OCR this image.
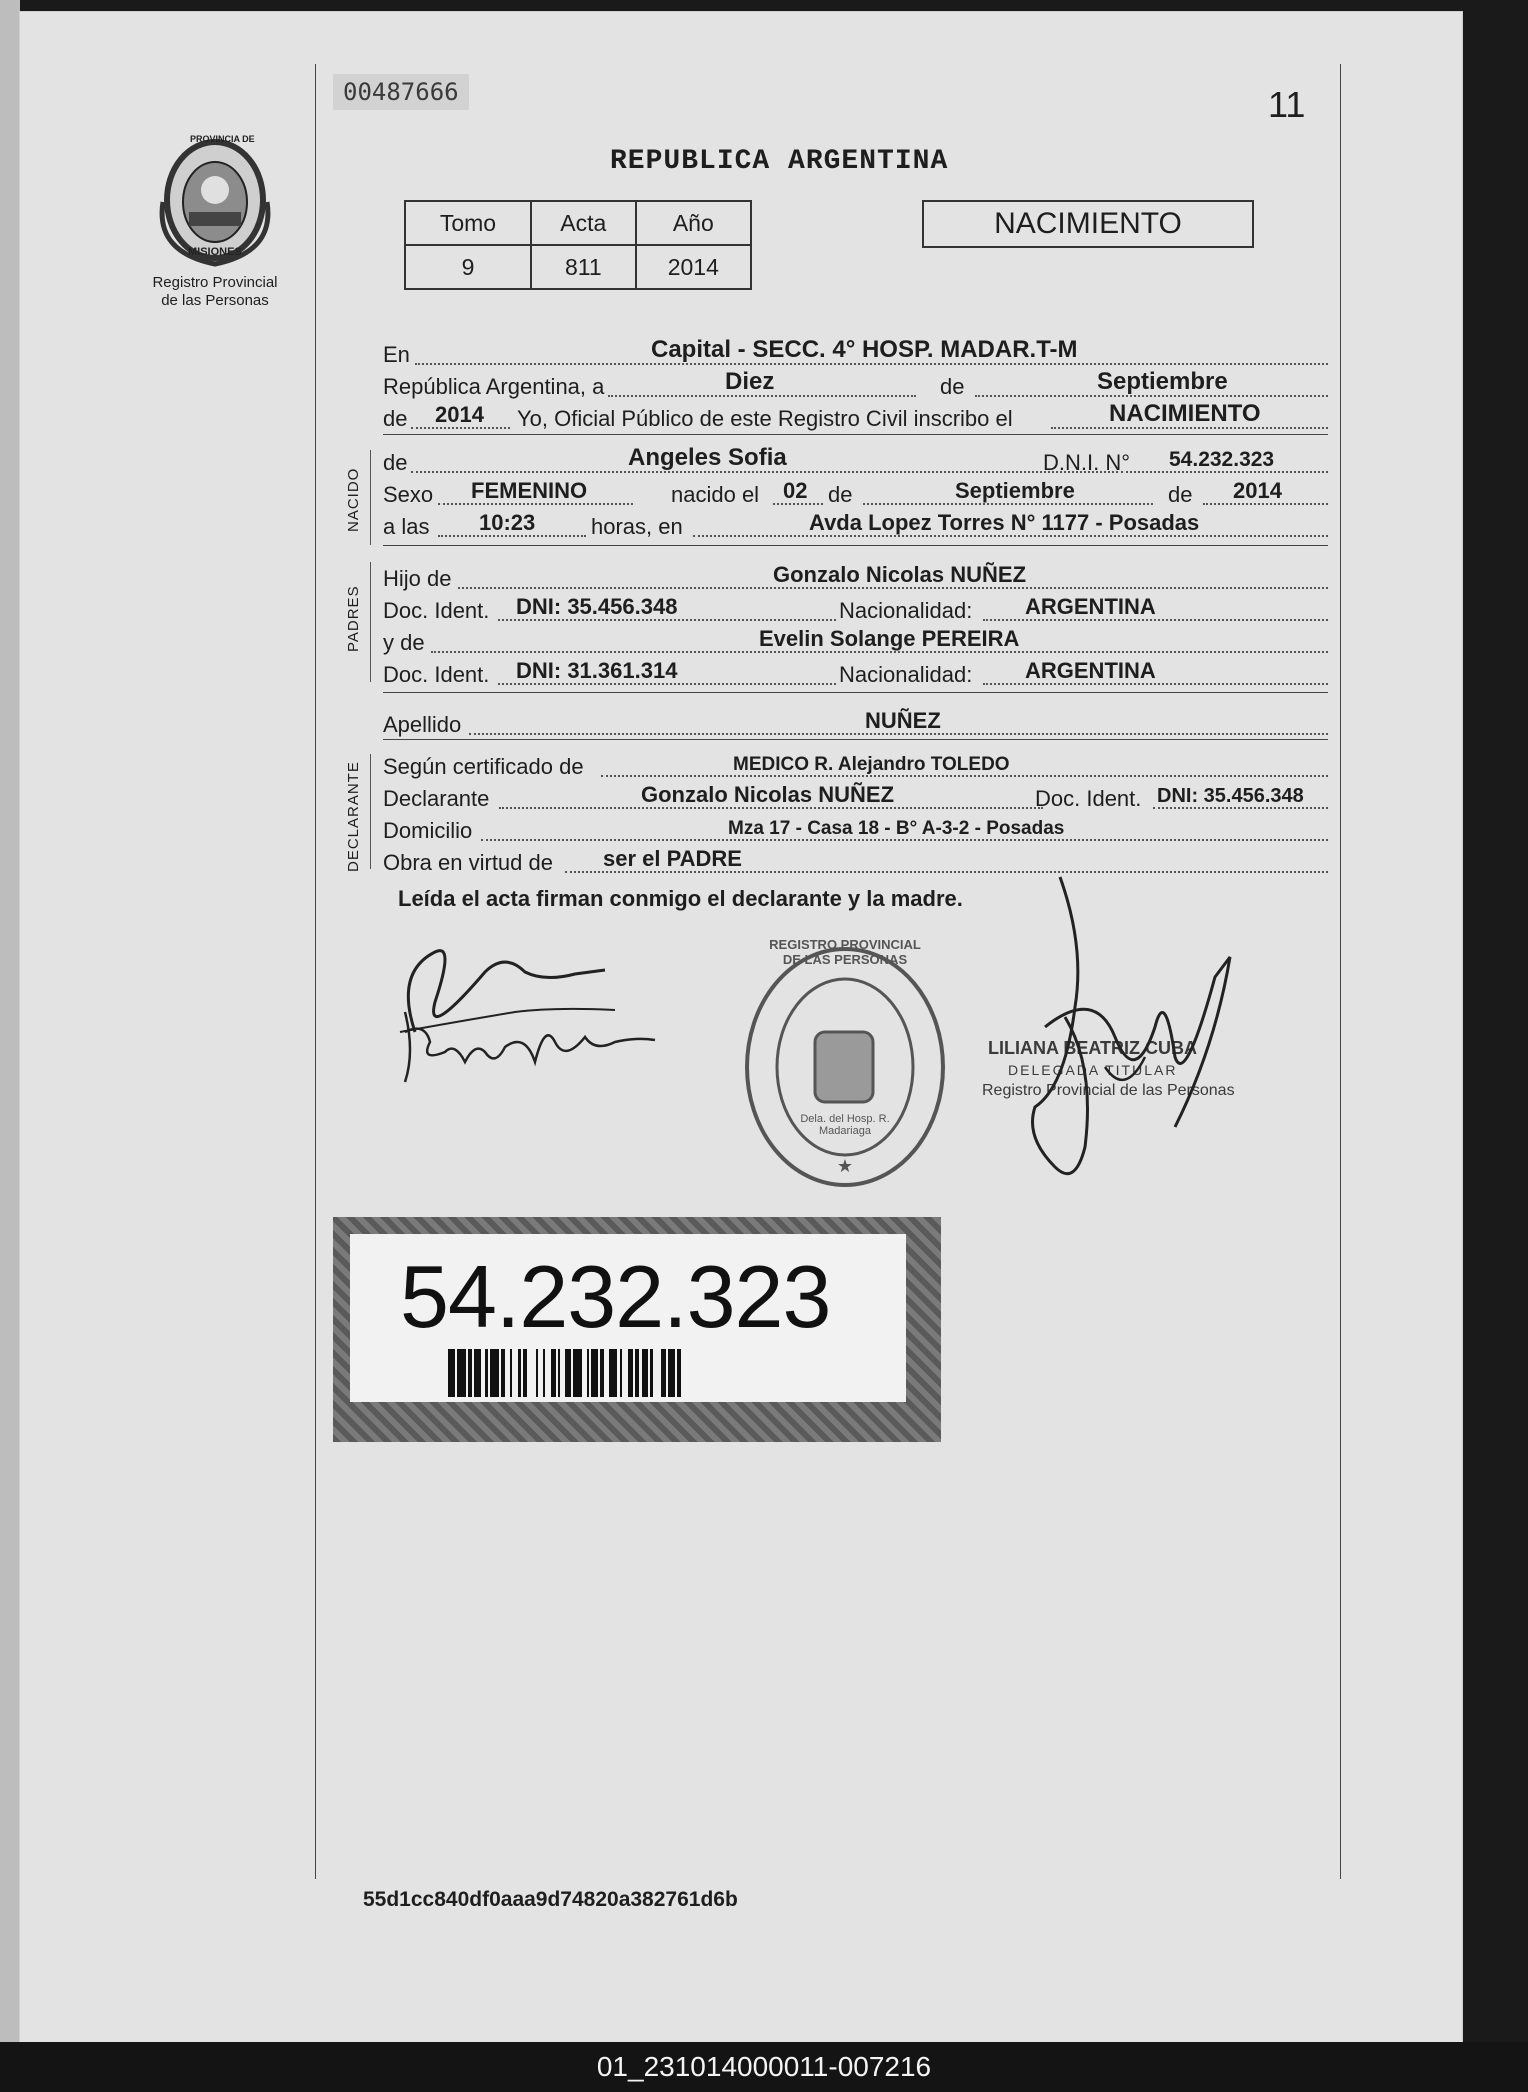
00487666	11
PROVINCIA DE
MISIONES
Registro Provincial
de las Personas
REPUBLICA ARGENTINA
Tomo	Acta	Año
9	811	2014
NACIMIENTO
En	Capital - SECC. 4° HOSP. MADAR.T-M
República Argentina, a	Diez	de	Septiembre
de 2014 Yo, Oficial Público de este Registro Civil inscribo el	NACIMIENTO
NACIDO
de	Angeles Sofia	D.N.I. N° 54.232.323
Sexo FEMENINO	nacido el 02 de	Septiembre	de 2014
a las 10:23	horas, en	Avda Lopez Torres N° 1177 - Posadas
PADRES
Hijo de	Gonzalo Nicolas NUÑEZ
Doc. Ident. DNI: 35.456.348	Nacionalidad: ARGENTINA
y de	Evelin Solange PEREIRA
Doc. Ident. DNI: 31.361.314	Nacionalidad: ARGENTINA
Apellido	NUÑEZ
DECLARANTE Según certificado de	MEDICO R. Alejandro TOLEDO
Declarante	Gonzalo Nicolas NUÑEZ	Doc. Ident. DNI: 35.456.348
Domicilio	Mza 17 - Casa 18 - B° A-3-2 - Posadas
Obra en virtud de ser el PADRE
Leída el acta firman conmigo el declarante y la madre.
★
REGISTRO PROVINCIAL DE LAS PERSONAS
Dela. del Hosp. R. Madariaga
LILIANA BEATRIZ CUBA
DELEGADA TITULAR
Registro Provincial de las Personas
54.232.323
55d1cc840df0aaa9d74820a382761d6b
01_231014000011-007216
